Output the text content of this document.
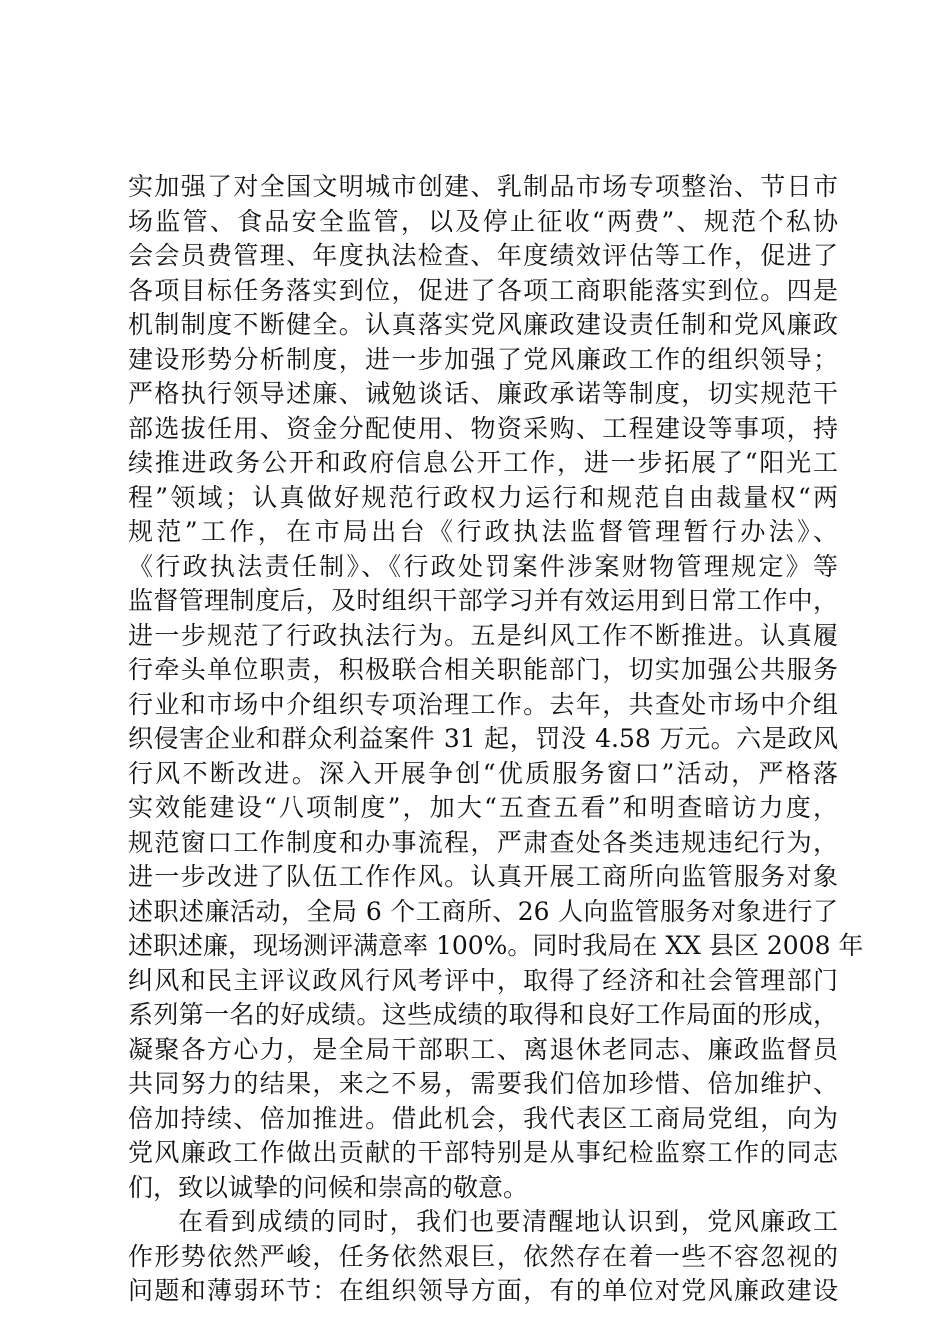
实加强了对全国文明城市创建、乳制品市场专项整治、节日市
场监管、食品安全监管，以及停止征收“两费”、规范个私协
会会员费管理、年度执法检查、年度绩效评估等工作，促进了
各项目标任务落实到位，促进了各项工商职能落实到位。四是
机制制度不断健全。认真落实党风廉政建设责任制和党风廉政
建设形势分析制度，进一步加强了党风廉政工作的组织领导；
严格执行领导述廉、诫勉谈话、廉政承诺等制度，切实规范干
部选拔任用、资金分配使用、物资采购、工程建设等事项，持
续推进政务公开和政府信息公开工作，进一步拓展了“阳光工
程”领域；认真做好规范行政权力运行和规范自由裁量权“两
规范”工作，在市局出台《行政执法监督管理暂行办法》、
《行政执法责任制》、《行政处罚案件涉案财物管理规定》等
监督管理制度后，及时组织干部学习并有效运用到日常工作中，
进一步规范了行政执法行为。五是纠风工作不断推进。认真履
行牵头单位职责，积极联合相关职能部门，切实加强公共服务
行业和市场中介组织专项治理工作。去年，共查处市场中介组
织侵害企业和群众利益案件 31 起，罚没 4.58 万元。六是政风
行风不断改进。深入开展争创“优质服务窗口”活动，严格落
实效能建设“八项制度”，加大“五查五看”和明查暗访力度，
规范窗口工作制度和办事流程，严肃查处各类违规违纪行为，
进一步改进了队伍工作作风。认真开展工商所向监管服务对象
述职述廉活动，全局 6 个工商所、26 人向监管服务对象进行了
述职述廉，现场测评满意率 100%。同时我局在 XX 县区 2008 年
纠风和民主评议政风行风考评中，取得了经济和社会管理部门
系列第一名的好成绩。这些成绩的取得和良好工作局面的形成，
凝聚各方心力，是全局干部职工、离退休老同志、廉政监督员
共同努力的结果，来之不易，需要我们倍加珍惜、倍加维护、
倍加持续、倍加推进。借此机会，我代表区工商局党组，向为
党风廉政工作做出贡献的干部特别是从事纪检监察工作的同志
们，致以诚挚的问候和崇高的敬意。
在看到成绩的同时，我们也要清醒地认识到，党风廉政工
作形势依然严峻，任务依然艰巨，依然存在着一些不容忽视的
问题和薄弱环节：在组织领导方面，有的单位对党风廉政建设
